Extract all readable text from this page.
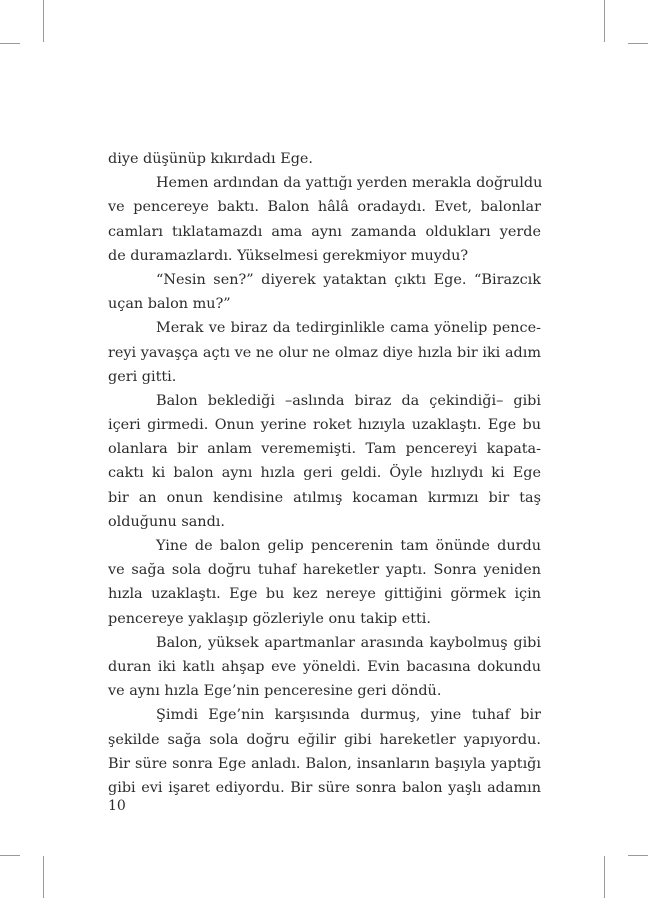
diye düşünüp kıkırdadı Ege.
Hemen ardından da yattığı yerden merakla doğruldu
ve pencereye baktı. Balon hâlâ oradaydı. Evet, balonlar
camları tıklatamazdı ama aynı zamanda oldukları yerde
de duramazlardı. Yükselmesi gerekmiyor muydu?
“Nesin sen?” diyerek yataktan çıktı Ege. “Birazcık
uçan balon mu?”
Merak ve biraz da tedirginlikle cama yönelip pence-
reyi yavaşça açtı ve ne olur ne olmaz diye hızla bir iki adım
geri gitti.
Balon beklediği –aslında biraz da çekindiği– gibi
içeri girmedi. Onun yerine roket hızıyla uzaklaştı. Ege bu
olanlara bir anlam verememişti. Tam pencereyi kapata-
caktı ki balon aynı hızla geri geldi. Öyle hızlıydı ki Ege
bir an onun kendisine atılmış kocaman kırmızı bir taş
olduğunu sandı.
Yine de balon gelip pencerenin tam önünde durdu
ve sağa sola doğru tuhaf hareketler yaptı. Sonra yeniden
hızla uzaklaştı. Ege bu kez nereye gittiğini görmek için
pencereye yaklaşıp gözleriyle onu takip etti.
Balon, yüksek apartmanlar arasında kaybolmuş gibi
duran iki katlı ahşap eve yöneldi. Evin bacasına dokundu
ve aynı hızla Ege’nin penceresine geri döndü.
Şimdi Ege’nin karşısında durmuş, yine tuhaf bir
şekilde sağa sola doğru eğilir gibi hareketler yapıyordu.
Bir süre sonra Ege anladı. Balon, insanların başıyla yaptığı
gibi evi işaret ediyordu. Bir süre sonra balon yaşlı adamın
10
